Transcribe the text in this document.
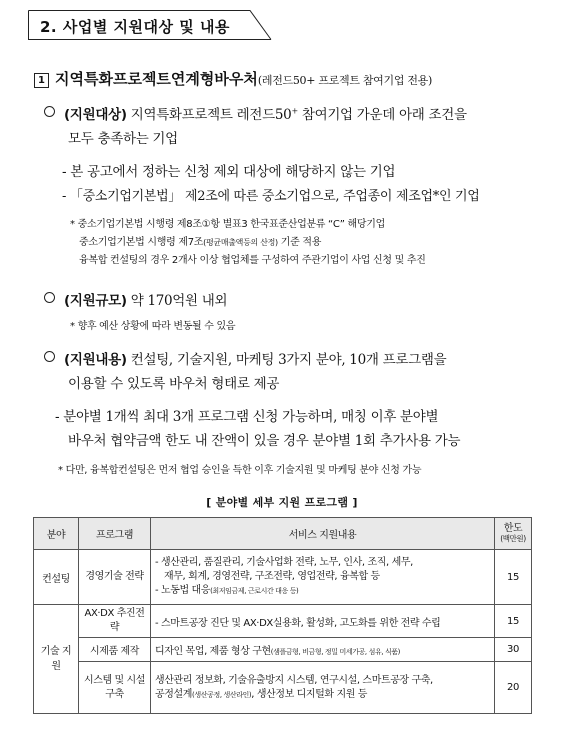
2. 사업별 지원대상 및 내용
1 지역특화프로젝트연계형바우처(레전드50+ 프로젝트 참여기업 전용)
(지원대상) 지역특화프로젝트 레전드50+ 참여기업 가운데 아래 조건을
모두 충족하는 기업
- 본 공고에서 정하는 신청 제외 대상에 해당하지 않는 기업
- 「중소기업기본법」 제2조에 따른 중소기업으로, 주업종이 제조업*인 기업
* 중소기업기본법 시행령 제8조①항 별표3 한국표준산업분류 “C” 해당기업
중소기업기본법 시행령 제7조(평균매출액등의 산정) 기준 적용
융복합 컨설팅의 경우 2개사 이상 협업체를 구성하여 주관기업이 사업 신청 및 추진
(지원규모) 약 170억원 내외
* 향후 예산 상황에 따라 변동될 수 있음
(지원내용) 컨설팅, 기술지원, 마케팅 3가지 분야, 10개 프로그램을
이용할 수 있도록 바우처 형태로 제공
- 분야별 1개씩 최대 3개 프로그램 신청 가능하며, 매칭 이후 분야별
바우처 협약금액 한도 내 잔액이 있을 경우 분야별 1회 추가사용 가능
* 다만, 융복합컨설팅은 먼저 협업 승인을 득한 이후 기술지원 및 마케팅 분야 신청 가능
[ 분야별 세부 지원 프로그램 ]
분야	프로그램	서비스 지원내용	한도
(백만원)

컨설팅	경영기술 전략	- 생산관리, 품질관리, 기술사업화 전략, 노무, 인사, 조직, 세무,
재무, 회계, 경영전략, 구조전략, 영업전략, 융복합 등
- 노동법 대응(최저임금제, 근로시간 대응 등)	15
기술 지원	AX·DX 추진전략	- 스마트공장 진단 및 AX·DX실용화, 활성화, 고도화를 위한 전략 수립	15
	시제품 제작	디자인 목업, 제품 형상 구현(샘플금형, 비금형, 정밀 미세가공, 섬유, 식품)	30
	시스템 및 시설구축	생산관리 정보화, 기술유출방지 시스템, 연구시설, 스마트공장 구축,
공정설계(생산공정, 생산라인), 생산정보 디지털화 지원 등	20
